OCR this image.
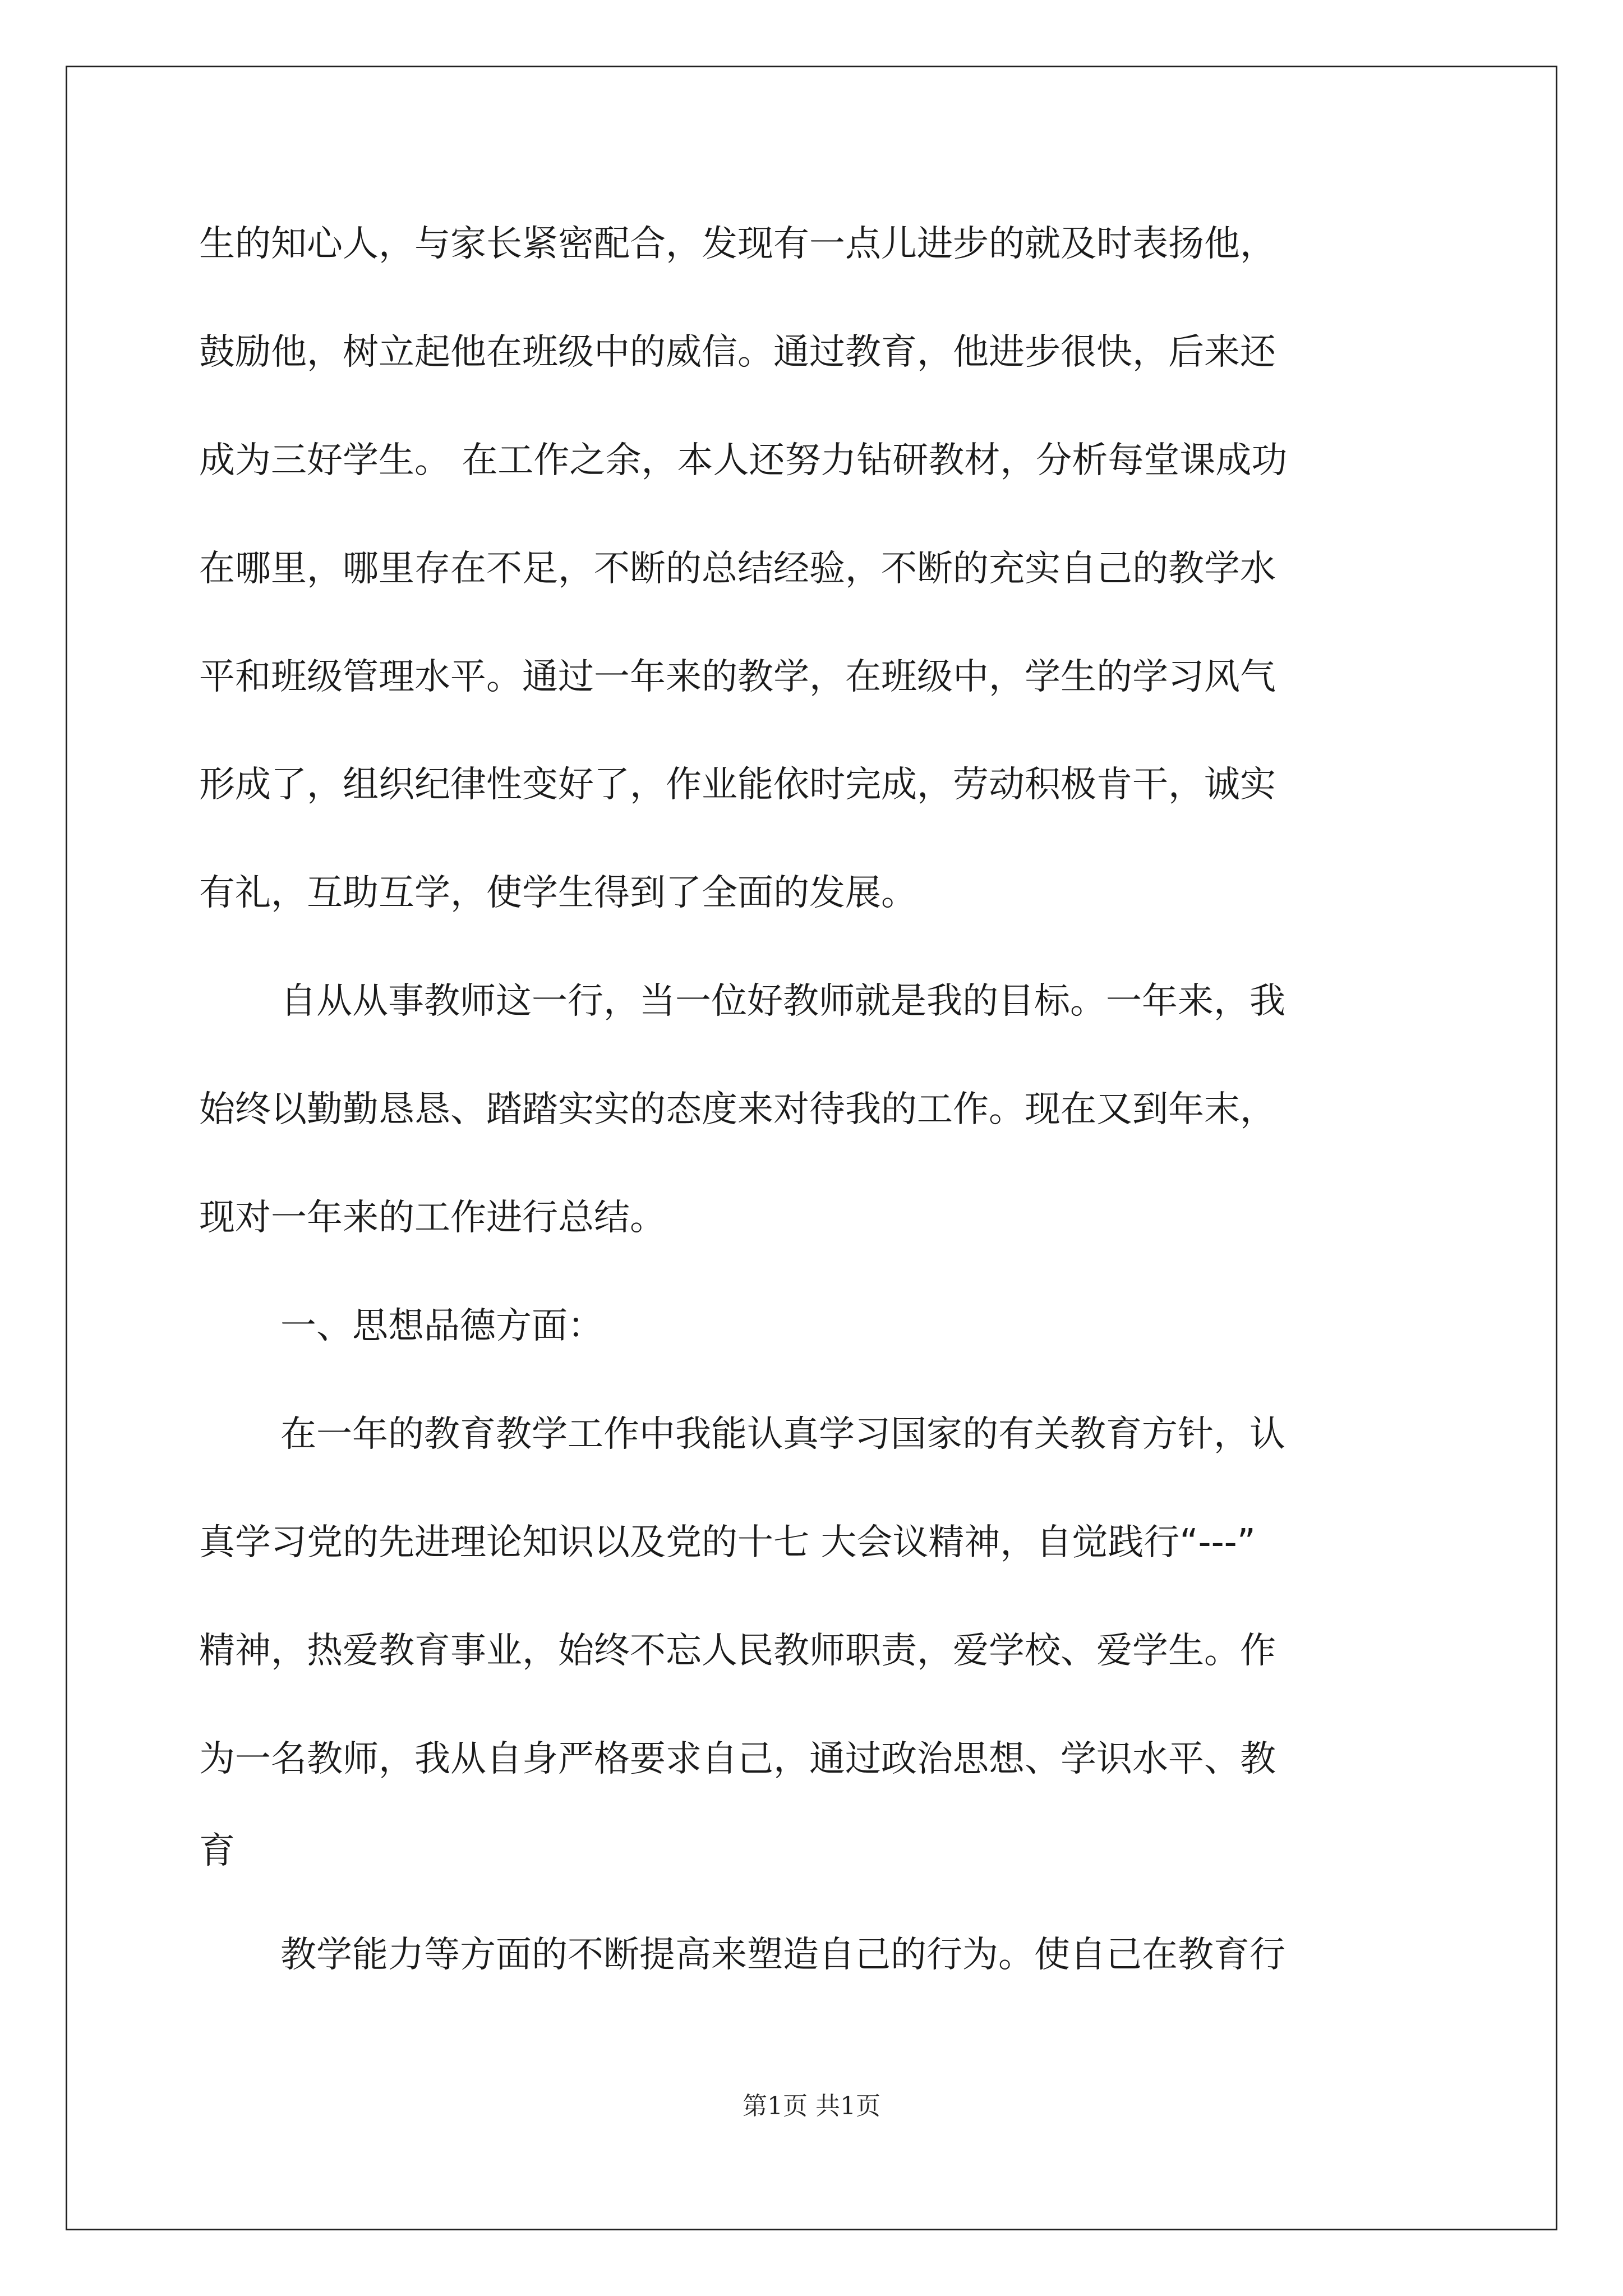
生的知心人，与家长紧密配合，发现有一点儿进步的就及时表扬他，

鼓励他，树立起他在班级中的威信。通过教育，他进步很快，后来还

成为三好学生。 在工作之余，本人还努力钻研教材，分析每堂课成功

在哪里，哪里存在不足，不断的总结经验，不断的充实自己的教学水

平和班级管理水平。通过一年来的教学，在班级中，学生的学习风气

形成了，组织纪律性变好了，作业能依时完成，劳动积极肯干，诚实

有礼，互助互学，使学生得到了全面的发展。

自从从事教师这一行，当一位好教师就是我的目标。一年来，我

始终以勤勤恳恳、踏踏实实的态度来对待我的工作。现在又到年末，

现对一年来的工作进行总结。

一、思想品德方面：

在一年的教育教学工作中我能认真学习国家的有关教育方针，认

真学习党的先进理论知识以及党的十七 大会议精神，自觉践行“---”

精神，热爱教育事业，始终不忘人民教师职责，爱学校、爱学生。作

为一名教师，我从自身严格要求自己，通过政治思想、学识水平、教

育

教学能力等方面的不断提高来塑造自己的行为。使自己在教育行

第1页 共1页
